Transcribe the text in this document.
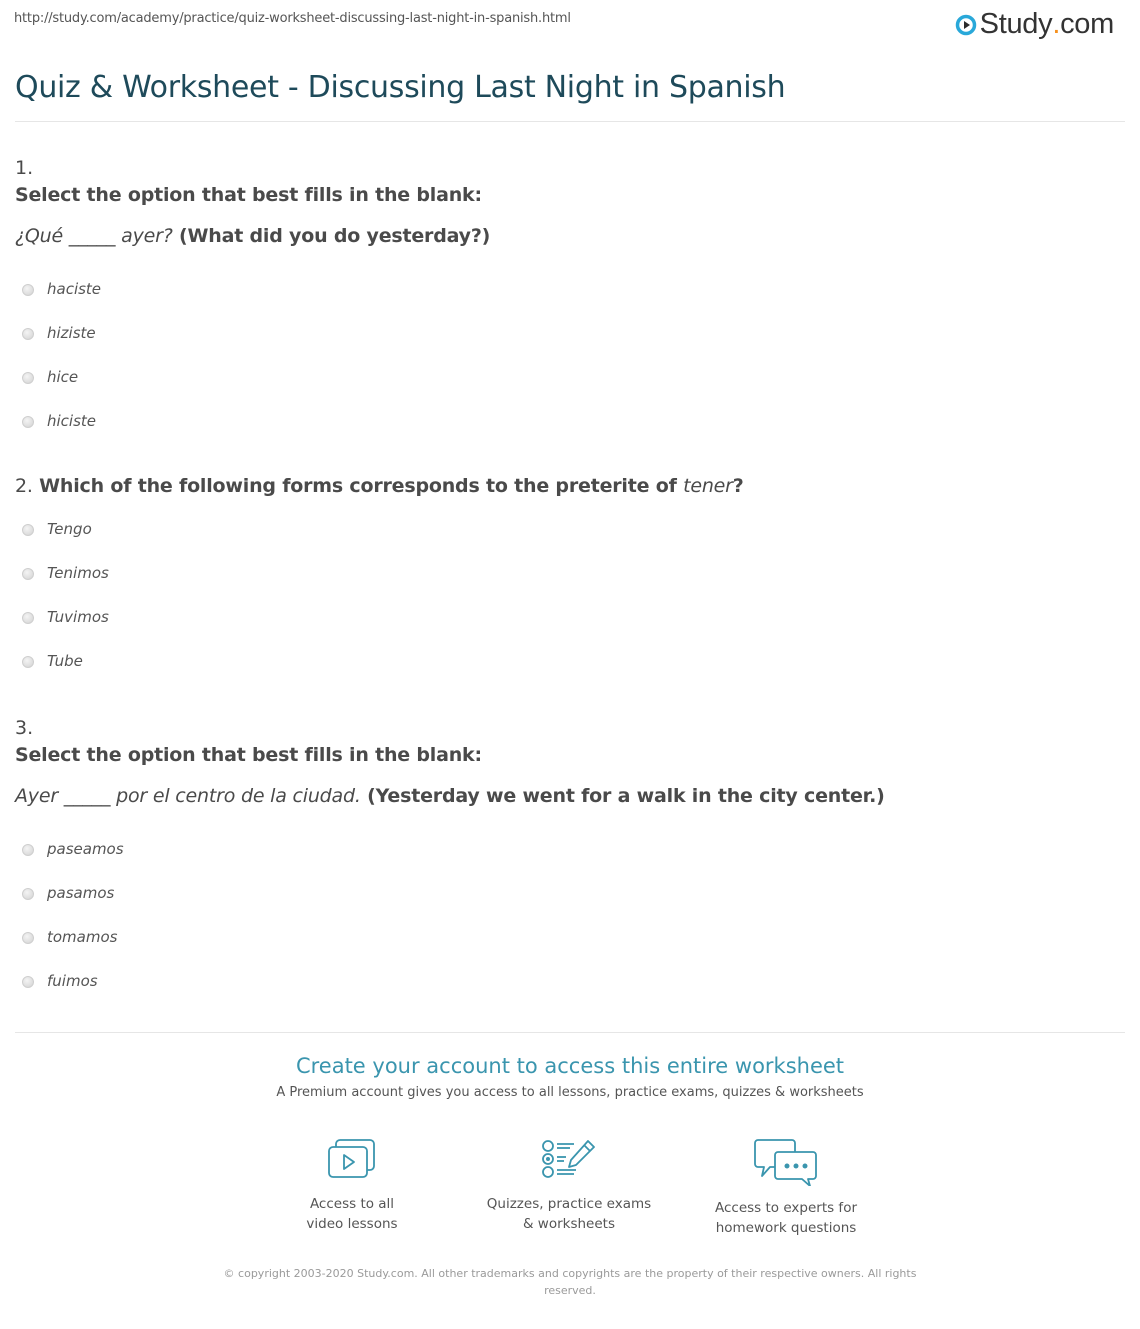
http://study.com/academy/practice/quiz-worksheet-discussing-last-night-in-spanish.html	Study . com
Quiz & Worksheet - Discussing Last Night in Spanish
1.
Select the option that best fills in the blank:
¿Qué _____ ayer? (What did you do yesterday?)
haciste
hiziste
hice
hiciste
2. Which of the following forms corresponds to the preterite of tener?
Tengo
Tenimos
Tuvimos
Tube
3.
Select the option that best fills in the blank:
Ayer _____ por el centro de la ciudad. (Yesterday we went for a walk in the city center.)
paseamos
pasamos
tomamos
fuimos
Create your account to access this entire worksheet
A Premium account gives you access to all lessons, practice exams, quizzes & worksheets
Access to all
video lessons
Quizzes, practice exams
& worksheets
Access to experts for
homework questions
© copyright 2003-2020 Study.com. All other trademarks and copyrights are the property of their respective owners. All rights reserved.
